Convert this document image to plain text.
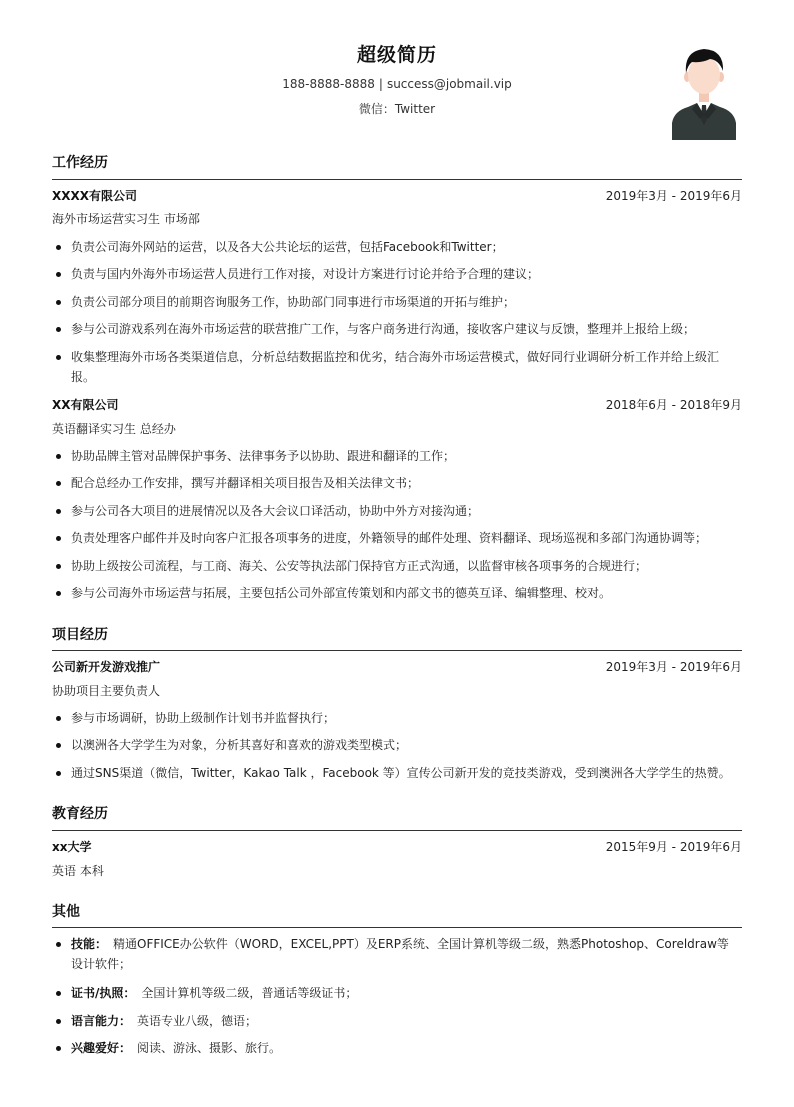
超级简历
188-8888-8888 | success@jobmail.vip
微信：Twitter
工作经历
XXXX有限公司	2019年3月 - 2019年6月
海外市场运营实习生 市场部
负责公司海外网站的运营，以及各大公共论坛的运营，包括Facebook和Twitter；
负责与国内外海外市场运营人员进行工作对接，对设计方案进行讨论并给予合理的建议；
负责公司部分项目的前期咨询服务工作，协助部门同事进行市场渠道的开拓与维护；
参与公司游戏系列在海外市场运营的联营推广工作，与客户商务进行沟通，接收客户建议与反馈，整理并上报给上级；
收集整理海外市场各类渠道信息，分析总结数据监控和优劣，结合海外市场运营模式，做好同行业调研分析工作并给上级汇报。
XX有限公司	2018年6月 - 2018年9月
英语翻译实习生 总经办
协助品牌主管对品牌保护事务、法律事务予以协助、跟进和翻译的工作；
配合总经办工作安排，撰写并翻译相关项目报告及相关法律文书；
参与公司各大项目的进展情况以及各大会议口译活动，协助中外方对接沟通；
负责处理客户邮件并及时向客户汇报各项事务的进度，外籍领导的邮件处理、资料翻译、现场巡视和多部门沟通协调等；
协助上级按公司流程，与工商、海关、公安等执法部门保持官方正式沟通，以监督审核各项事务的合规进行；
参与公司海外市场运营与拓展，主要包括公司外部宣传策划和内部文书的德英互译、编辑整理、校对。
项目经历
公司新开发游戏推广	2019年3月 - 2019年6月
协助项目主要负责人
参与市场调研，协助上级制作计划书并监督执行；
以澳洲各大学学生为对象，分析其喜好和喜欢的游戏类型模式；
通过SNS渠道（微信，Twitter，Kakao Talk ，Facebook 等）宣传公司新开发的竞技类游戏，受到澳洲各大学学生的热赞。
教育经历
xx大学	2015年9月 - 2019年6月
英语 本科
其他
技能： 精通OFFICE办公软件（WORD，EXCEL,PPT）及ERP系统、全国计算机等级二级，熟悉Photoshop、Coreldraw等设计软件；
证书/执照： 全国计算机等级二级，普通话等级证书；
语言能力： 英语专业八级，德语；
兴趣爱好： 阅读、游泳、摄影、旅行。
